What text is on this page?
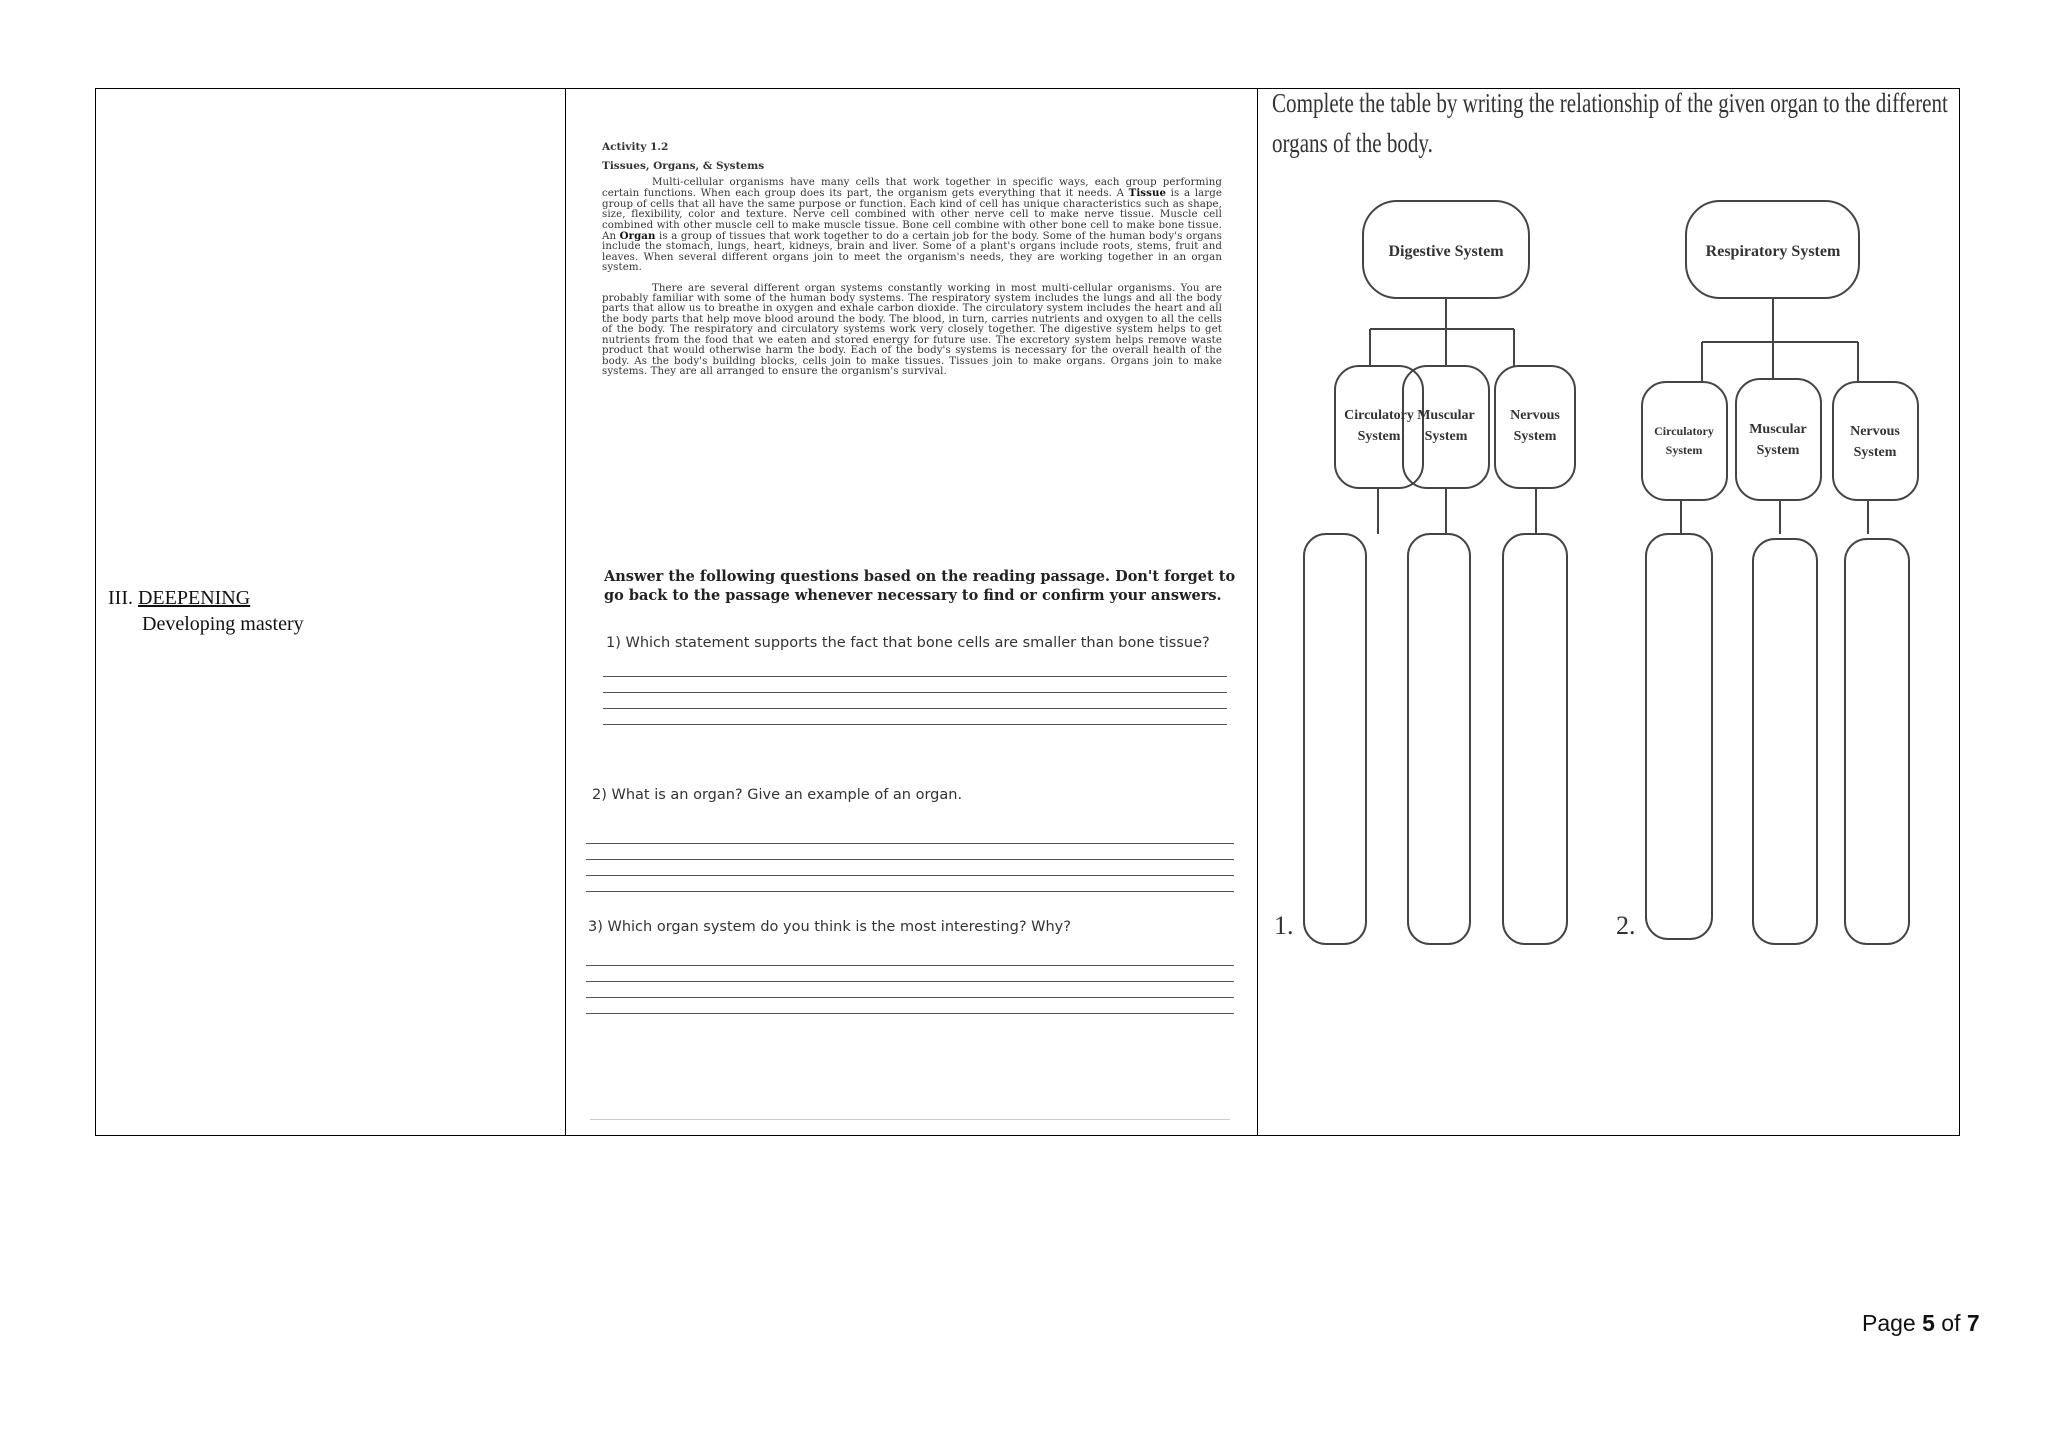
III. DEEPENING
Developing mastery
Activity 1.2
Tissues, Organs, & Systems

Multi-cellular organisms have many cells that work together in specific ways, each group performing certain functions. When each group does its part, the organism gets everything that it needs. A Tissue is a large group of cells that all have the same purpose or function. Each kind of cell has unique characteristics such as shape, size, flexibility, color and texture. Nerve cell combined with other nerve cell to make nerve tissue. Muscle cell combined with other muscle cell to make muscle tissue. Bone cell combine with other bone cell to make bone tissue. An Organ is a group of tissues that work together to do a certain job for the body. Some of the human body's organs include the stomach, lungs, heart, kidneys, brain and liver. Some of a plant's organs include roots, stems, fruit and leaves. When several different organs join to meet the organism's needs, they are working together in an organ system.

There are several different organ systems constantly working in most multi-cellular organisms. You are probably familiar with some of the human body systems. The respiratory system includes the lungs and all the body parts that allow us to breathe in oxygen and exhale carbon dioxide. The circulatory system includes the heart and all the body parts that help move blood around the body. The blood, in turn, carries nutrients and oxygen to all the cells of the body. The respiratory and circulatory systems work very closely together. The digestive system helps to get nutrients from the food that we eaten and stored energy for future use. The excretory system helps remove waste product that would otherwise harm the body. Each of the body's systems is necessary for the overall health of the body. As the body's building blocks, cells join to make tissues. Tissues join to make organs. Organs join to make systems. They are all arranged to ensure the organism's survival.

Answer the following questions based on the reading passage. Don't forget to go back to the passage whenever necessary to find or confirm your answers.
1) Which statement supports the fact that bone cells are smaller than bone tissue?
2) What is an organ? Give an example of an organ.
3) Which organ system do you think is the most interesting? Why?
Complete the table by writing the relationship of the given organ to the different
organs of the body.
Digestive System
Circulatory
System
Muscular
System
Nervous
System
Respiratory System
Circulatory
System
Muscular
System
Nervous
System
1.	2.
Page 5 of 7
